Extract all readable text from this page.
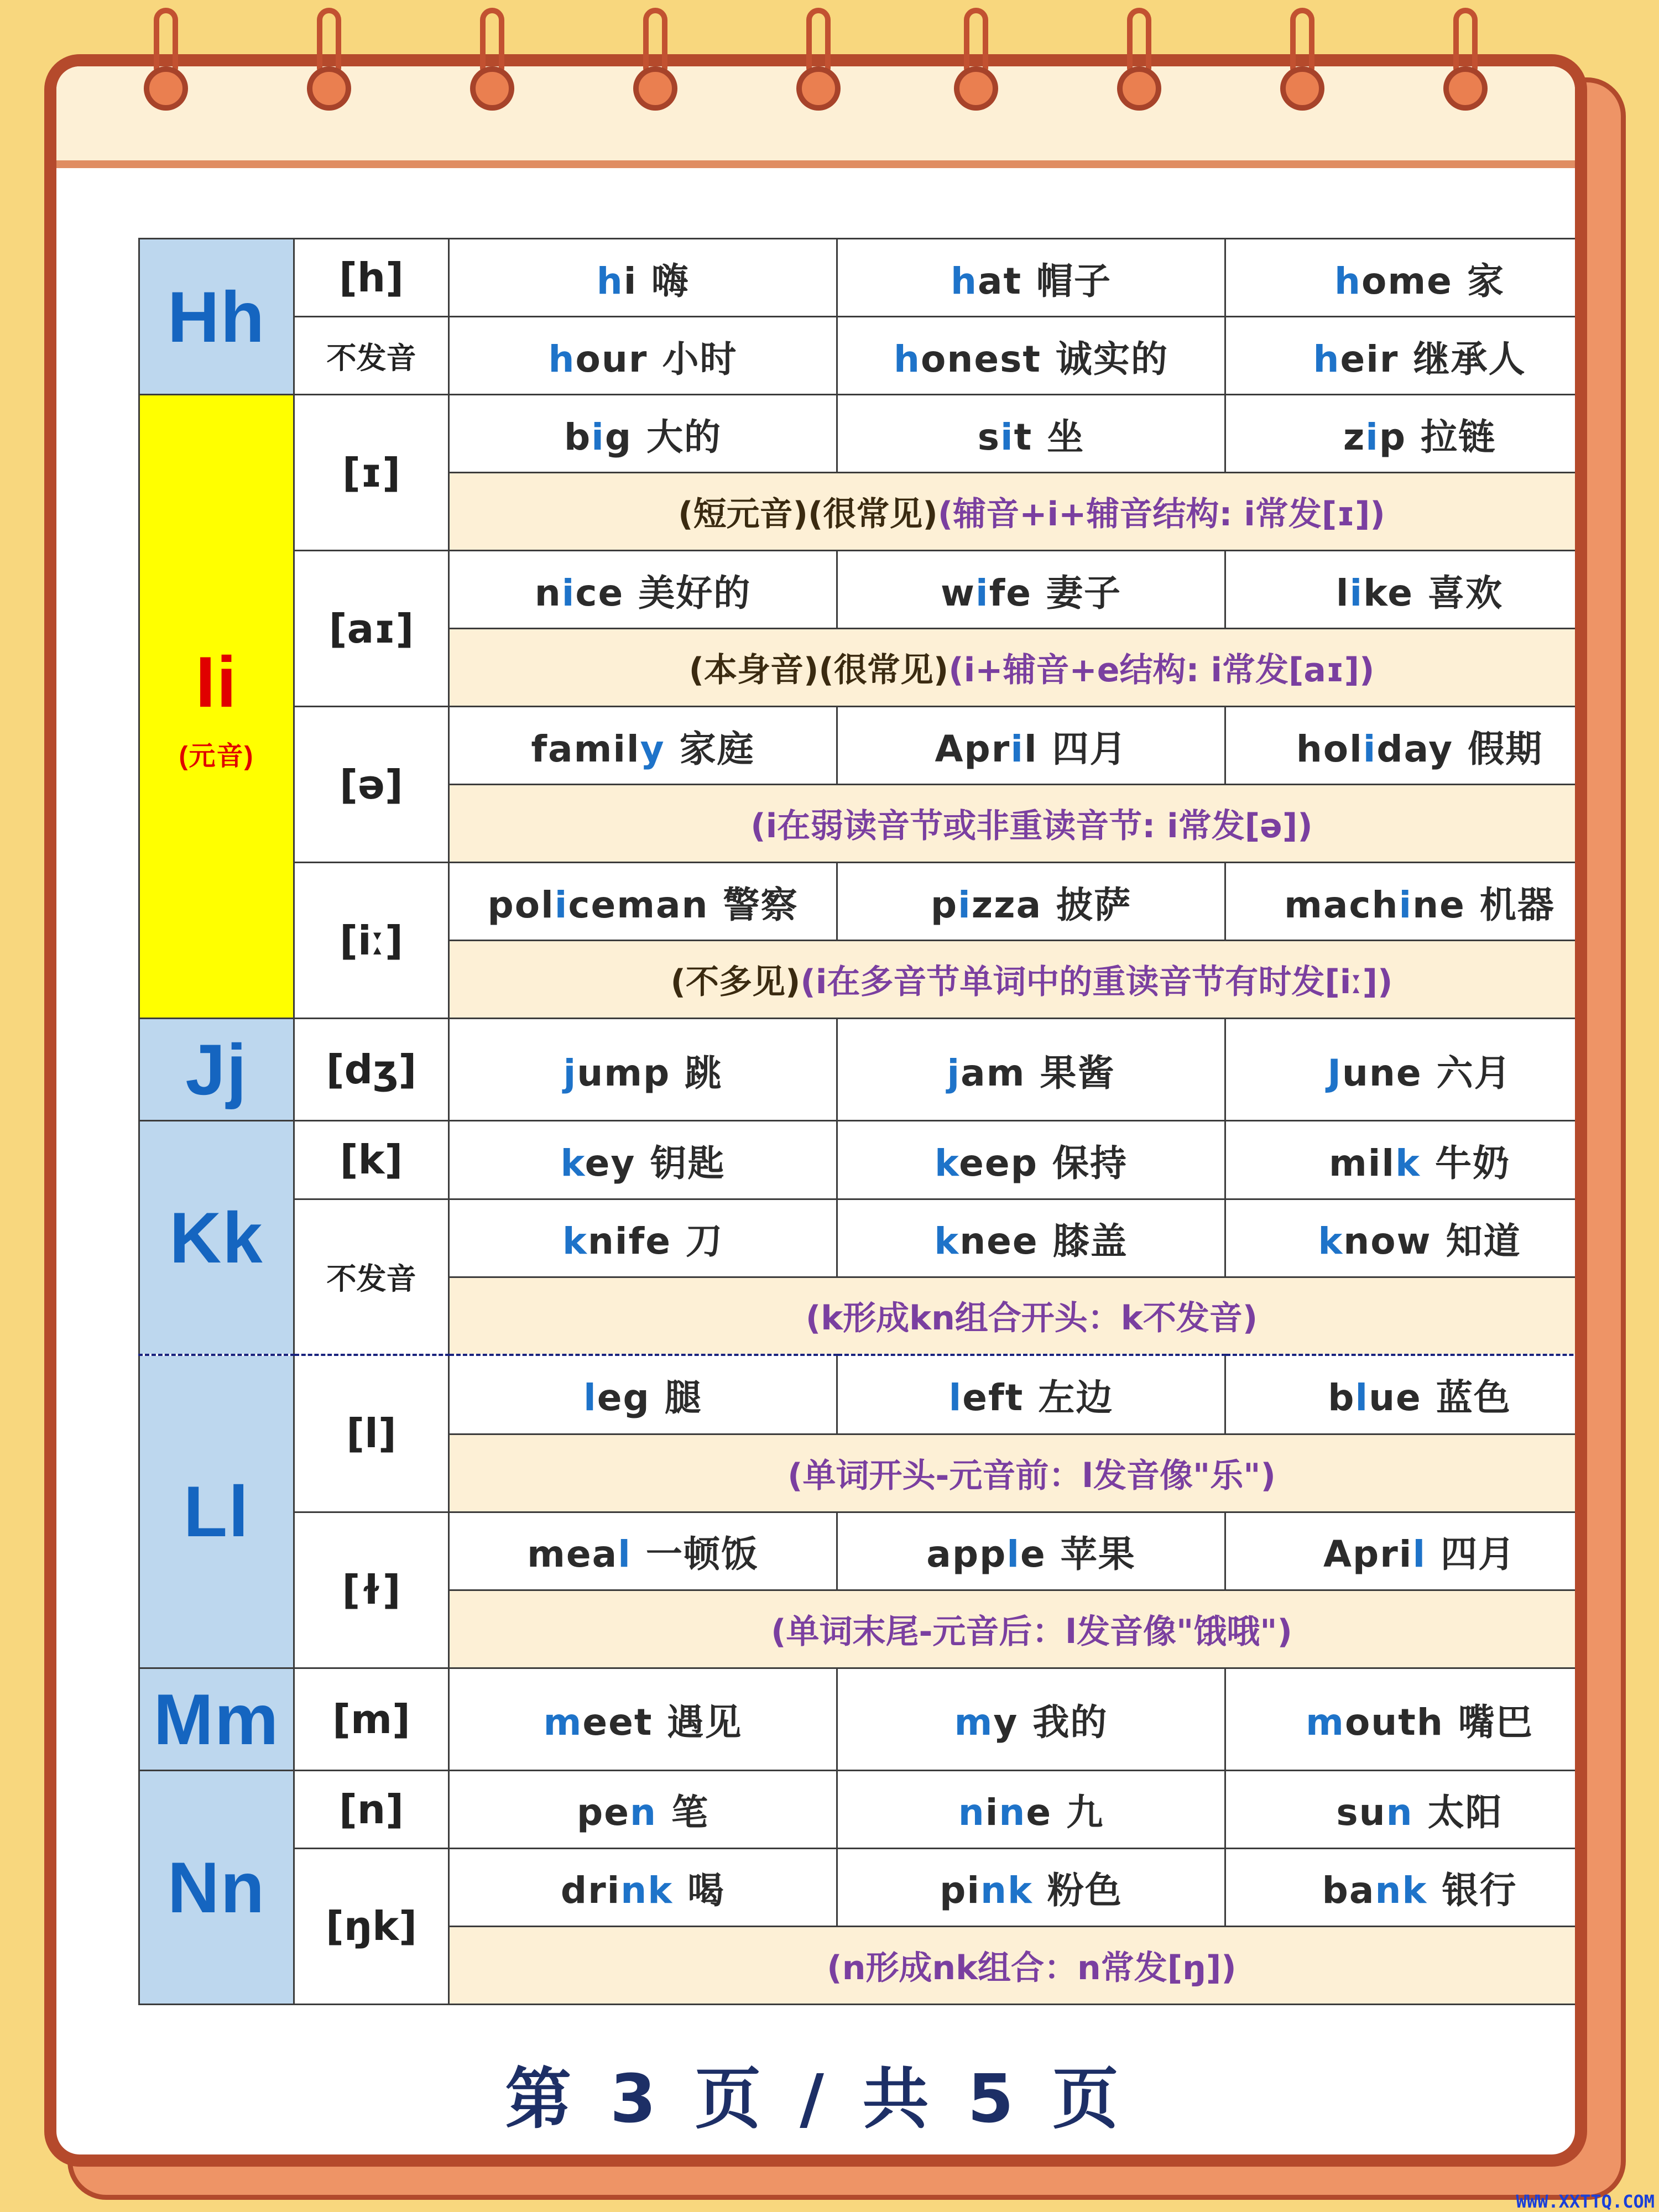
Hh	[h]	hi 嗨	hat 帽子	home 家
	不发音	hour 小时	honest 诚实的	heir 继承人
Ii
(元音)	[ɪ]	big 大的	sit 坐	zip 拉链
		(短元音)(很常见)(辅音+i+辅音结构: i常发[ɪ])		
	[aɪ]	nice 美好的	wife 妻子	like 喜欢
		(本身音)(很常见)(i+辅音+e结构: i常发[aɪ])		
	[ə]	family 家庭	April 四月	holiday 假期
		(i在弱读音节或非重读音节: i常发[ə])		
	[iː]	policeman 警察	pizza 披萨	machine 机器
		(不多见)(i在多音节单词中的重读音节有时发[iː])		
Jj	[dʒ]	jump 跳	jam 果酱	June 六月
Kk	[k]	key 钥匙	keep 保持	milk 牛奶
	不发音	knife 刀	knee 膝盖	know 知道
		(k形成kn组合开头：k不发音)		
Ll	[l]	leg 腿	left 左边	blue 蓝色
		(单词开头-元音前：l发音像"乐")		
	[ɫ]	meal 一顿饭	apple 苹果	April 四月
		(单词末尾-元音后：l发音像"饿哦")		
Mm	[m]	meet 遇见	my 我的	mouth 嘴巴
Nn	[n]	pen 笔	nine 九	sun 太阳
	[ŋk]	drink 喝	pink 粉色	bank 银行
		(n形成nk组合：n常发[ŋ])		
第 3 页 / 共 5 页
WWW.XXTTQ.COM
